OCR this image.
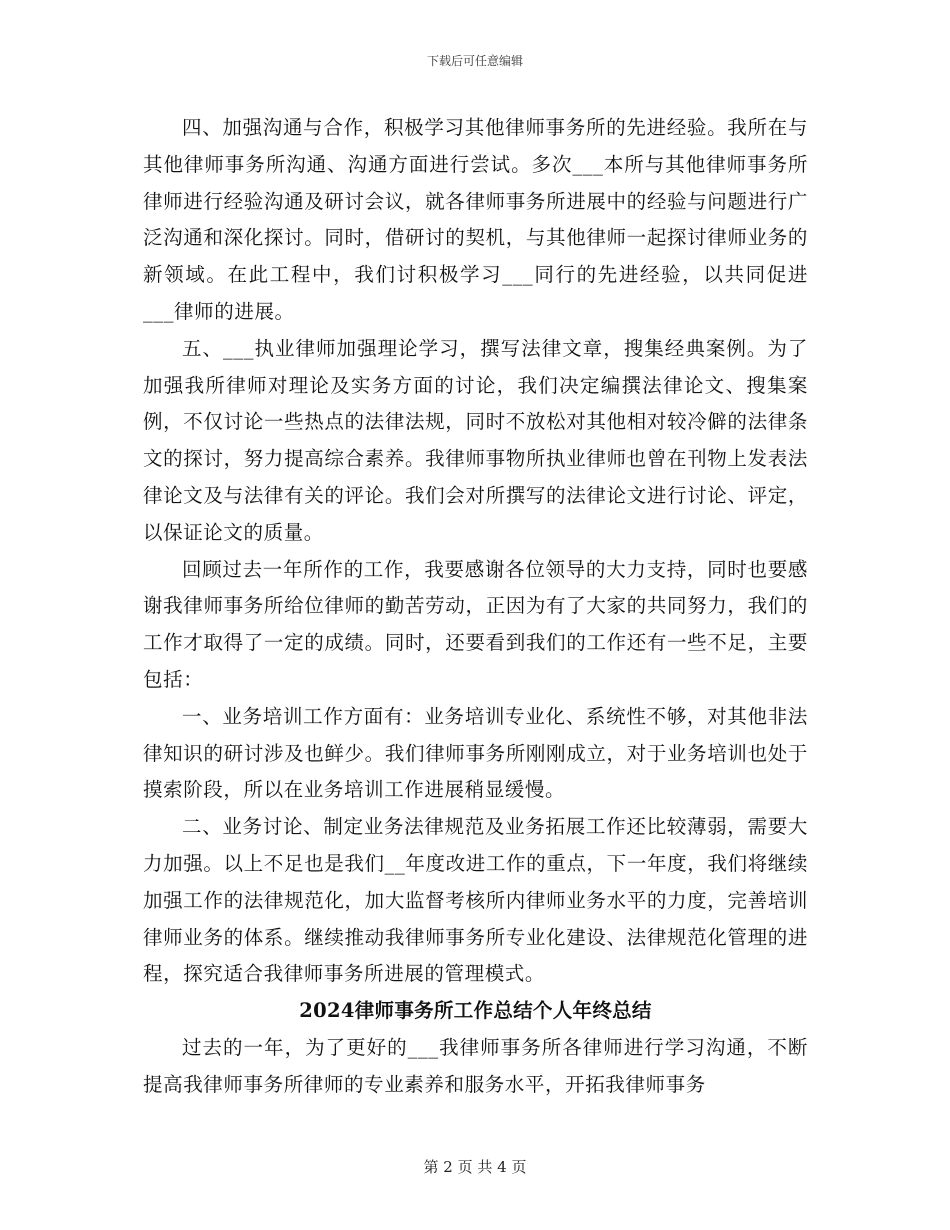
下载后可任意编辑

四、加强沟通与合作，积极学习其他律师事务所的先进经验。我所在与其他律师事务所沟通、沟通方面进行尝试。多次___本所与其他律师事务所律师进行经验沟通及研讨会议，就各律师事务所进展中的经验与问题进行广泛沟通和深化探讨。同时，借研讨的契机，与其他律师一起探讨律师业务的新领域。在此工程中，我们讨积极学习___同行的先进经验，以共同促进___律师的进展。

五、___执业律师加强理论学习，撰写法律文章，搜集经典案例。为了加强我所律师对理论及实务方面的讨论，我们决定编撰法律论文、搜集案例，不仅讨论一些热点的法律法规，同时不放松对其他相对较冷僻的法律条文的探讨，努力提高综合素养。我律师事物所执业律师也曾在刊物上发表法律论文及与法律有关的评论。我们会对所撰写的法律论文进行讨论、评定，以保证论文的质量。

回顾过去一年所作的工作，我要感谢各位领导的大力支持，同时也要感谢我律师事务所给位律师的勤苦劳动，正因为有了大家的共同努力，我们的工作才取得了一定的成绩。同时，还要看到我们的工作还有一些不足，主要包括：

一、业务培训工作方面有：业务培训专业化、系统性不够，对其他非法律知识的研讨涉及也鲜少。我们律师事务所刚刚成立，对于业务培训也处于摸索阶段，所以在业务培训工作进展稍显缓慢。

二、业务讨论、制定业务法律规范及业务拓展工作还比较薄弱，需要大力加强。以上不足也是我们__年度改进工作的重点，下一年度，我们将继续加强工作的法律规范化，加大监督考核所内律师业务水平的力度，完善培训律师业务的体系。继续推动我律师事务所专业化建设、法律规范化管理的进程，探究适合我律师事务所进展的管理模式。

2024律师事务所工作总结个人年终总结

过去的一年，为了更好的___我律师事务所各律师进行学习沟通，不断提高我律师事务所律师的专业素养和服务水平，开拓我律师事务

第 2 页 共 4 页
